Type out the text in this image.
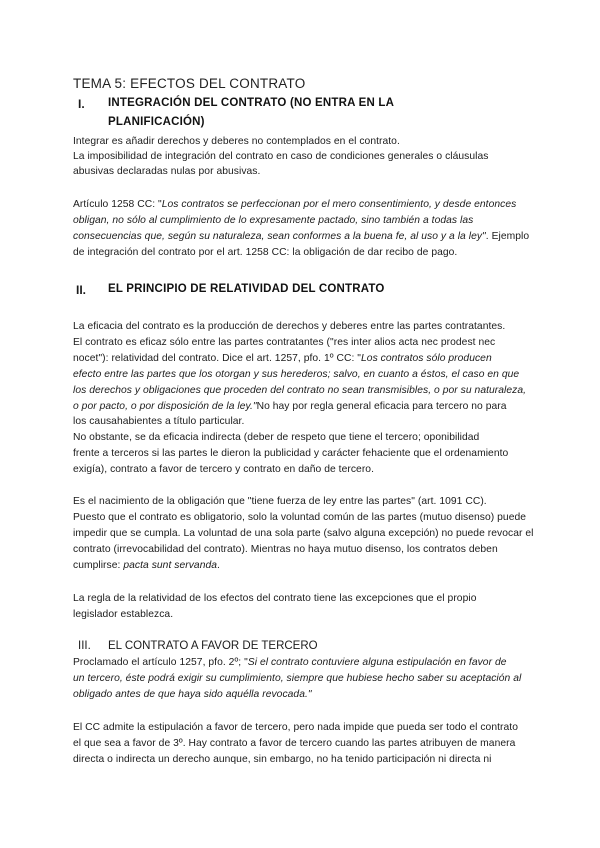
TEMA 5: EFECTOS DEL CONTRATO
I. INTEGRACIÓN DEL CONTRATO (NO ENTRA EN LA
PLANIFICACIÓN)
Integrar es añadir derechos y deberes no contemplados en el contrato.
La imposibilidad de integración del contrato en caso de condiciones generales o cláusulas
abusivas declaradas nulas por abusivas.
Artículo 1258 CC: "Los contratos se perfeccionan por el mero consentimiento, y desde entonces
obligan, no sólo al cumplimiento de lo expresamente pactado, sino también a todas las
consecuencias que, según su naturaleza, sean conformes a la buena fe, al uso y a la ley". Ejemplo
de integración del contrato por el art. 1258 CC: la obligación de dar recibo de pago.
II. EL PRINCIPIO DE RELATIVIDAD DEL CONTRATO
La eficacia del contrato es la producción de derechos y deberes entre las partes contratantes.
El contrato es eficaz sólo entre las partes contratantes ("res inter alios acta nec prodest nec
nocet"): relatividad del contrato. Dice el art. 1257, pfo. 1º CC: "Los contratos sólo producen
efecto entre las partes que los otorgan y sus herederos; salvo, en cuanto a éstos, el caso en que
los derechos y obligaciones que proceden del contrato no sean transmisibles, o por su naturaleza,
o por pacto, o por disposición de la ley."No hay por regla general eficacia para tercero no para
los causahabientes a título particular.
No obstante, se da eficacia indirecta (deber de respeto que tiene el tercero; oponibilidad
frente a terceros si las partes le dieron la publicidad y carácter fehaciente que el ordenamiento
exigía), contrato a favor de tercero y contrato en daño de tercero.
Es el nacimiento de la obligación que "tiene fuerza de ley entre las partes" (art. 1091 CC).
Puesto que el contrato es obligatorio, solo la voluntad común de las partes (mutuo disenso) puede
impedir que se cumpla. La voluntad de una sola parte (salvo alguna excepción) no puede revocar el
contrato (irrevocabilidad del contrato). Mientras no haya mutuo disenso, los contratos deben
cumplirse: pacta sunt servanda.
La regla de la relatividad de los efectos del contrato tiene las excepciones que el propio
legislador establezca.
III. EL CONTRATO A FAVOR DE TERCERO
Proclamado el artículo 1257, pfo. 2º; "Si el contrato contuviere alguna estipulación en favor de
un tercero, éste podrá exigir su cumplimiento, siempre que hubiese hecho saber su aceptación al
obligado antes de que haya sido aquélla revocada."
El CC admite la estipulación a favor de tercero, pero nada impide que pueda ser todo el contrato
el que sea a favor de 3º. Hay contrato a favor de tercero cuando las partes atribuyen de manera
directa o indirecta un derecho aunque, sin embargo, no ha tenido participación ni directa ni
